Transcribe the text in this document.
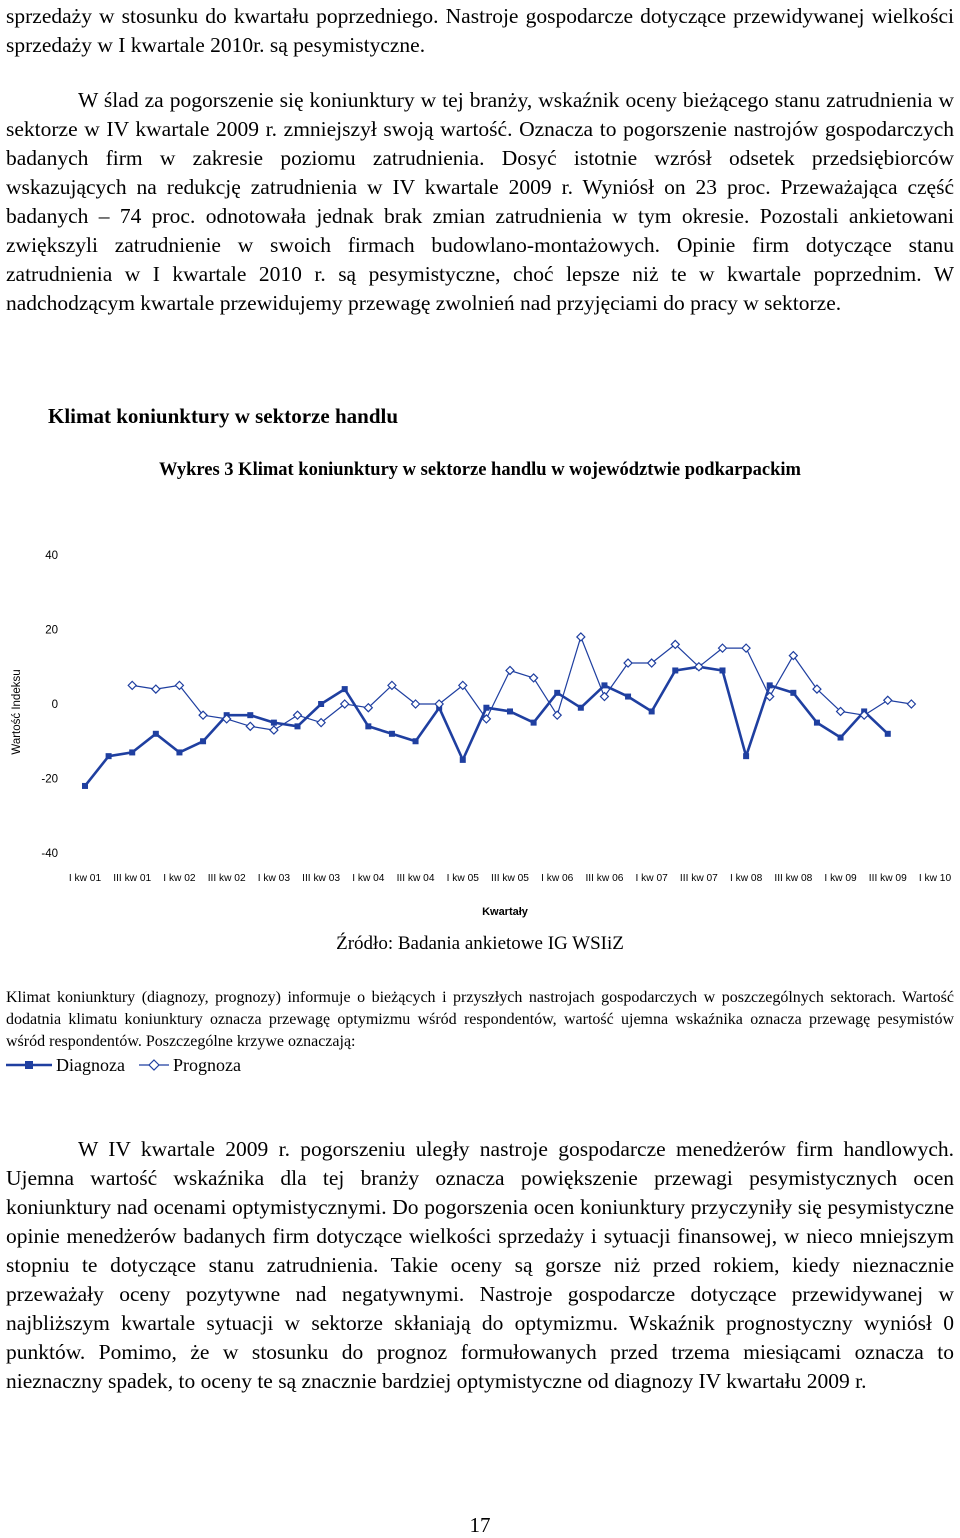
sprzedaży w stosunku do kwartału poprzedniego. Nastroje gospodarcze dotyczące przewidywanej wielkości sprzedaży w I kwartale 2010r. są pesymistyczne.

W ślad za pogorszenie się koniunktury w tej branży, wskaźnik oceny bieżącego stanu zatrudnienia w sektorze w IV kwartale 2009 r. zmniejszył swoją wartość. Oznacza to pogorszenie nastrojów gospodarczych badanych firm w zakresie poziomu zatrudnienia. Dosyć istotnie wzrósł odsetek przedsiębiorców wskazujących na redukcję zatrudnienia w IV kwartale 2009 r. Wyniósł on 23 proc. Przeważająca część badanych – 74 proc. odnotowała jednak brak zmian zatrudnienia w tym okresie. Pozostali ankietowani zwiększyli zatrudnienie w swoich firmach budowlano-montażowych. Opinie firm dotyczące stanu zatrudnienia w I kwartale 2010 r. są pesymistyczne, choć lepsze niż te w kwartale poprzednim. W nadchodzącym kwartale przewidujemy przewagę zwolnień nad przyjęciami do pracy w sektorze.

Klimat koniunktury w sektorze handlu
Wykres 3 Klimat koniunktury w sektorze handlu w województwie podkarpackim
-40
-20
0
20
40
Wartość Indeksu
I kw 01 III kw 01 I kw 02 III kw 02 I kw 03 III kw 03 I kw 04 III kw 04 I kw 05 III kw 05 I kw 06 III kw 06 I kw 07 III kw 07 I kw 08 III kw 08 I kw 09 III kw 09 I kw 10
Kwartały
Źródło: Badania ankietowe IG WSIiZ

Klimat koniunktury (diagnozy, prognozy) informuje o bieżących i przyszłych nastrojach gospodarczych w poszczególnych sektorach. Wartość dodatnia klimatu koniunktury oznacza przewagę optymizmu wśród respondentów, wartość ujemna wskaźnika oznacza przewagę pesymistów wśród respondentów. Poszczególne krzywe oznaczają:

Diagnoza	Prognoza

W IV kwartale 2009 r. pogorszeniu uległy nastroje gospodarcze menedżerów firm handlowych. Ujemna wartość wskaźnika dla tej branży oznacza powiększenie przewagi pesymistycznych ocen koniunktury nad ocenami optymistycznymi. Do pogorszenia ocen koniunktury przyczyniły się pesymistyczne opinie menedżerów badanych firm dotyczące wielkości sprzedaży i sytuacji finansowej, w nieco mniejszym stopniu te dotyczące stanu zatrudnienia. Takie oceny są gorsze niż przed rokiem, kiedy nieznacznie przeważały oceny pozytywne nad negatywnymi. Nastroje gospodarcze dotyczące przewidywanej w najbliższym kwartale sytuacji w sektorze skłaniają do optymizmu. Wskaźnik prognostyczny wyniósł 0 punktów. Pomimo, że w stosunku do prognoz formułowanych przed trzema miesiącami oznacza to nieznaczny spadek, to oceny te są znacznie bardziej optymistyczne od diagnozy IV kwartału 2009 r.

17
